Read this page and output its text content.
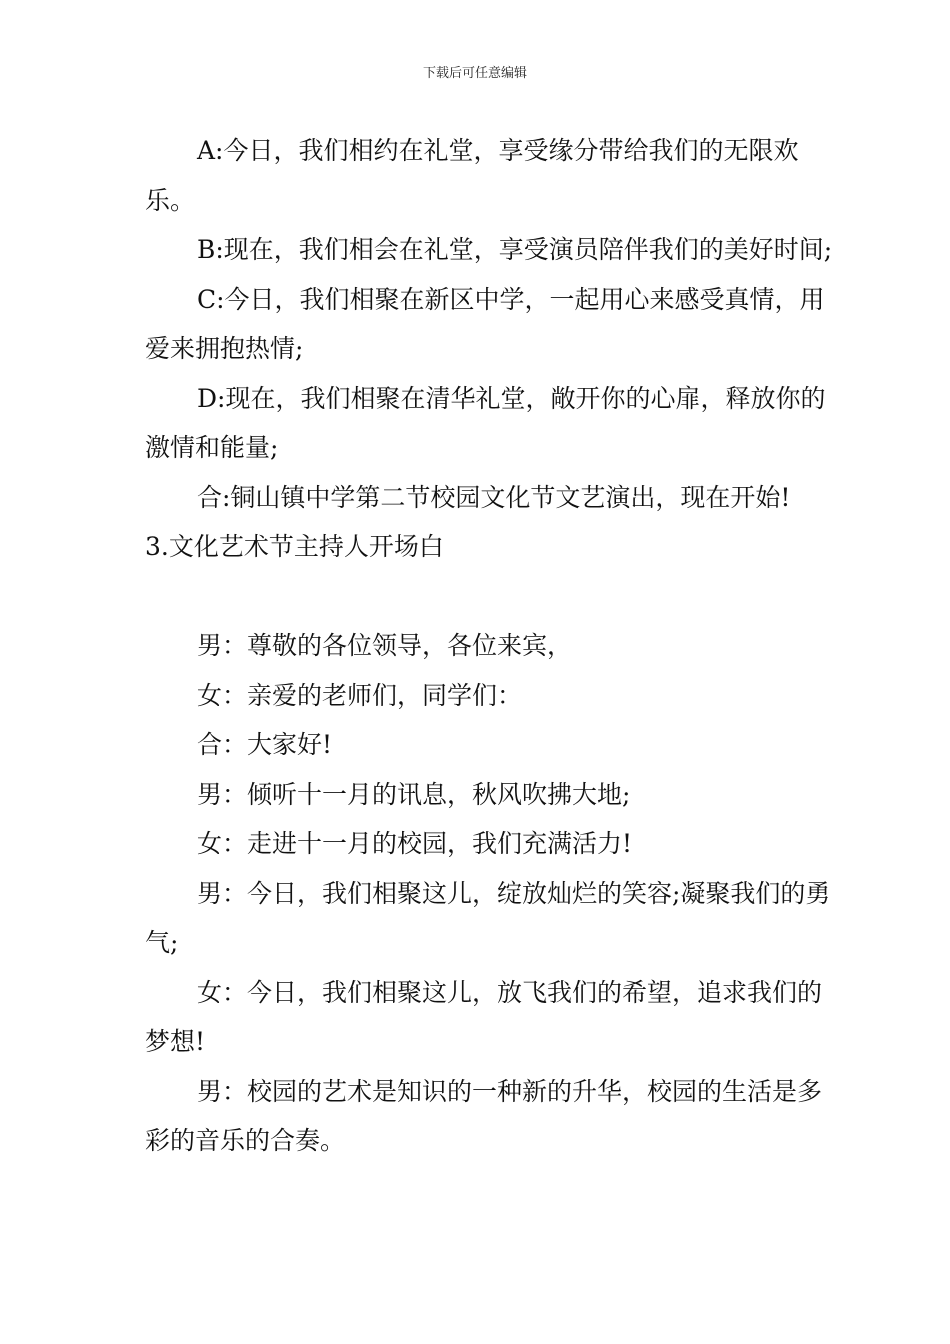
下载后可任意编辑

A:今日，我们相约在礼堂，享受缘分带给我们的无限欢乐。

B:现在，我们相会在礼堂，享受演员陪伴我们的美好时间;

C:今日，我们相聚在新区中学，一起用心来感受真情，用爱来拥抱热情;

D:现在，我们相聚在清华礼堂，敞开你的心扉，释放你的激情和能量;

合:铜山镇中学第二节校园文化节文艺演出，现在开始!

3.文化艺术节主持人开场白

男：尊敬的各位领导，各位来宾，

女：亲爱的老师们，同学们：

合：大家好!

男：倾听十一月的讯息，秋风吹拂大地;

女：走进十一月的校园，我们充满活力!

男：今日，我们相聚这儿，绽放灿烂的笑容;凝聚我们的勇气;

女：今日，我们相聚这儿，放飞我们的希望，追求我们的梦想!

男：校园的艺术是知识的一种新的升华，校园的生活是多彩的音乐的合奏。
